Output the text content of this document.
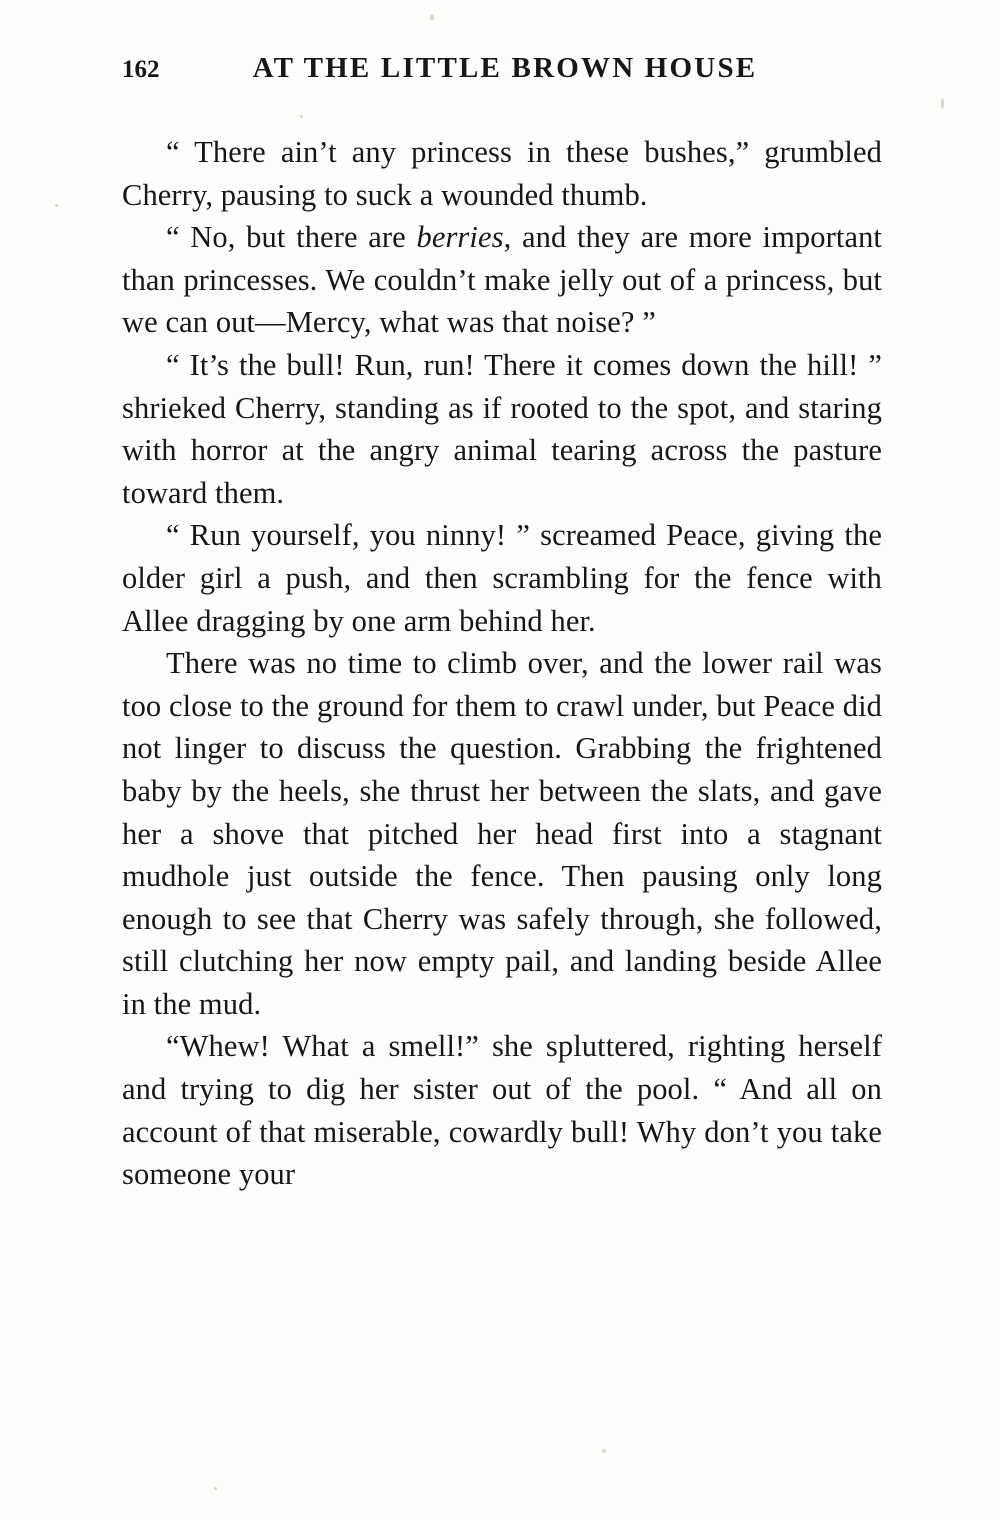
162	AT THE LITTLE BROWN HOUSE

“ There ain’t any princess in these bushes,” grumbled Cherry, pausing to suck a wounded thumb.

“ No, but there are berries, and they are more important than princesses. We couldn’t make jelly out of a princess, but we can out—Mercy, what was that noise? ”

“ It’s the bull! Run, run! There it comes down the hill! ” shrieked Cherry, standing as if rooted to the spot, and staring with horror at the angry animal tearing across the pasture toward them.

“ Run yourself, you ninny! ” screamed Peace, giving the older girl a push, and then scrambling for the fence with Allee dragging by one arm behind her.

There was no time to climb over, and the lower rail was too close to the ground for them to crawl under, but Peace did not linger to discuss the question. Grabbing the frightened baby by the heels, she thrust her between the slats, and gave her a shove that pitched her head first into a stagnant mudhole just outside the fence. Then pausing only long enough to see that Cherry was safely through, she followed, still clutching her now empty pail, and landing beside Allee in the mud.

“Whew! What a smell!” she spluttered, righting herself and trying to dig her sister out of the pool. “ And all on account of that miserable, cowardly bull! Why don’t you take someone your
